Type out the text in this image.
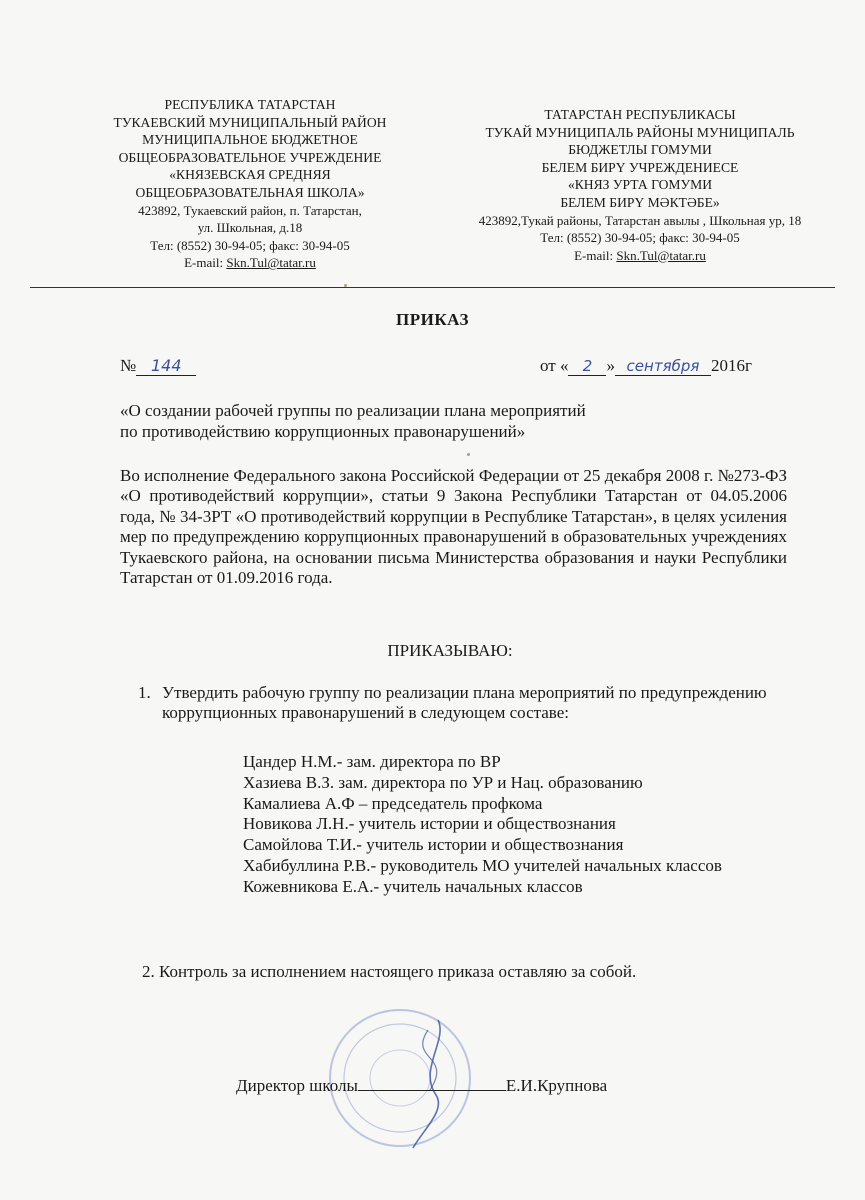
РЕСПУБЛИКА ТАТАРСТАН
ТУКАЕВСКИЙ МУНИЦИПАЛЬНЫЙ РАЙОН
МУНИЦИПАЛЬНОЕ БЮДЖЕТНОЕ
ОБЩЕОБРАЗОВАТЕЛЬНОЕ УЧРЕЖДЕНИЕ
«КНЯЗЕВСКАЯ СРЕДНЯЯ
ОБЩЕОБРАЗОВАТЕЛЬНАЯ ШКОЛА»
423892, Тукаевский район, п. Татарстан,
ул. Школьная, д.18
Тел: (8552) 30-94-05; факс: 30-94-05
E-mail: Skn.Tul@tatar.ru
ТАТАРСТАН РЕСПУБЛИКАСЫ
ТУКАЙ МУНИЦИПАЛЬ РАЙОНЫ МУНИЦИПАЛЬ
БЮДЖЕТЛЫ ГОМУМИ
БЕЛЕМ БИРҮ УЧРЕЖДЕНИЕСЕ
«КНЯЗ УРТА ГОМУМИ
БЕЛЕМ БИРҮ МӘКТӘБЕ»
423892,Тукай районы, Татарстан авылы , Школьная ур, 18
Тел: (8552) 30-94-05; факс: 30-94-05
E-mail: Skn.Tul@tatar.ru
ПРИКАЗ
№ 144	от « 2 » сентября 2016г
«О создании рабочей группы по реализации плана мероприятий
по противодействию коррупционных правонарушений»
Во исполнение Федерального закона Российской Федерации от 25 декабря 2008 г. №273-ФЗ «О противодействий коррупции», статьи 9 Закона Республики Татарстан от 04.05.2006 года, № 34-3РТ «О противодействий коррупции в Республике Татарстан», в целях усиления мер по предупреждению коррупционных правонарушений в образовательных учреждениях Тукаевского района, на основании письма Министерства образования и науки Республики Татарстан от 01.09.2016 года.
ПРИКАЗЫВАЮ:
1. Утвердить рабочую группу по реализации плана мероприятий по предупреждению коррупционных правонарушений в следующем составе:
Цандер Н.М.- зам. директора по ВР
Хазиева В.З. зам. директора по УР и Нац. образованию
Камалиева А.Ф – председатель профкома
Новикова Л.Н.- учитель истории и обществознания
Самойлова Т.И.- учитель истории и обществознания
Хабибуллина Р.В.- руководитель МО учителей начальных классов
Кожевникова Е.А.- учитель начальных классов
2. Контроль за исполнением настоящего приказа оставляю за собой.
Директор школы	Е.И.Крупнова
